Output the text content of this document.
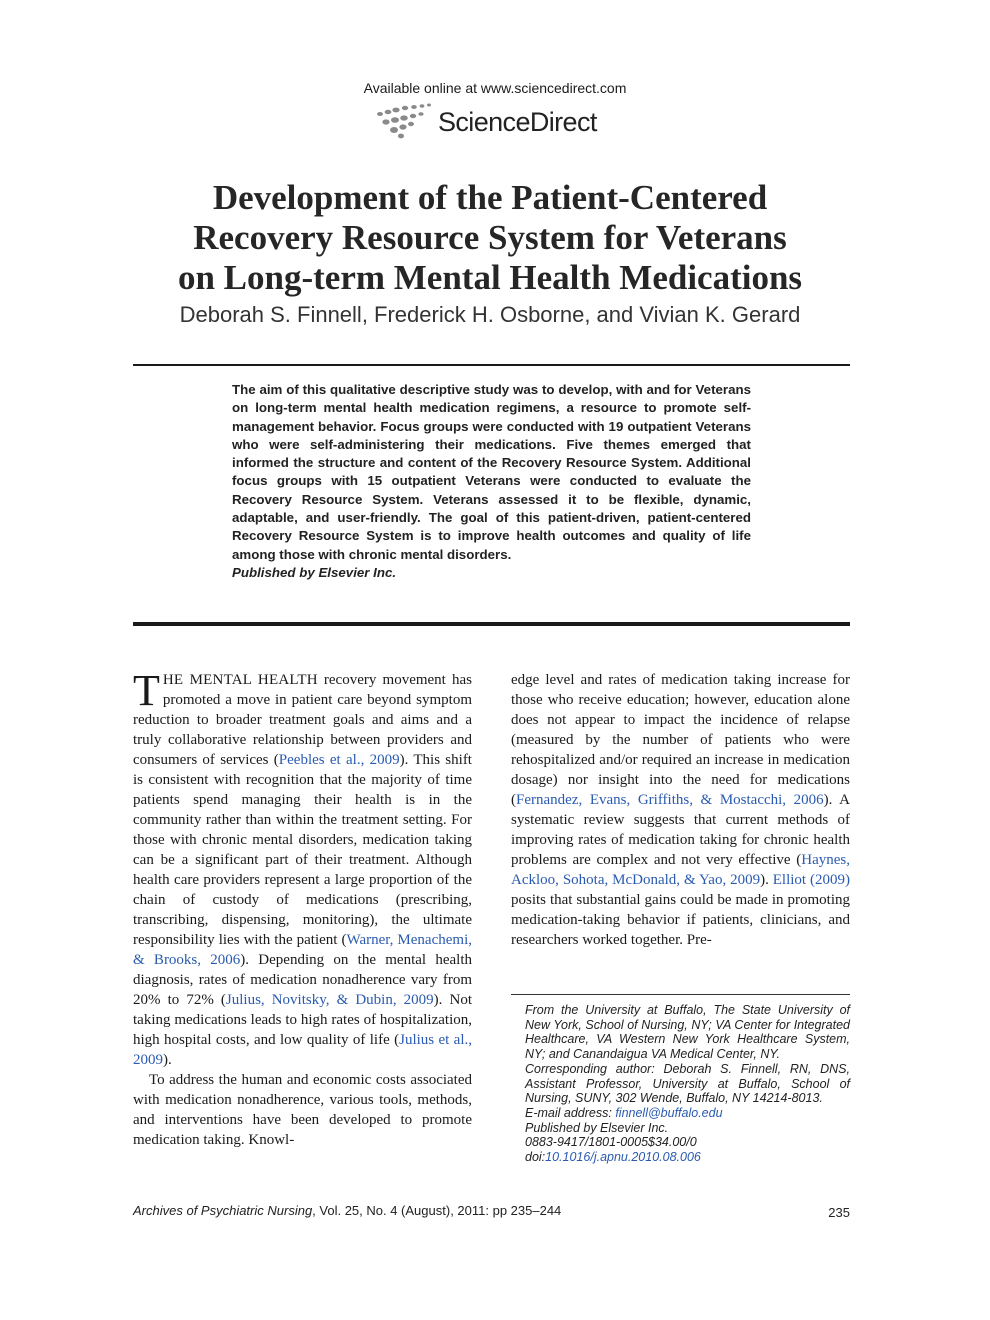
Available online at www.sciencedirect.com
ScienceDirect
Development of the Patient-Centered
Recovery Resource System for Veterans
on Long-term Mental Health Medications
Deborah S. Finnell, Frederick H. Osborne, and Vivian K. Gerard

The aim of this qualitative descriptive study was to develop, with and for Veterans on long-term mental health medication regimens, a resource to promote self-management behavior. Focus groups were conducted with 19 outpatient Veterans who were self-administering their medications. Five themes emerged that informed the structure and content of the Recovery Resource System. Additional focus groups with 15 outpatient Veterans were conducted to evaluate the Recovery Resource System. Veterans assessed it to be flexible, dynamic, adaptable, and user-friendly. The goal of this patient-driven, patient-centered Recovery Resource System is to improve health outcomes and quality of life among those with chronic mental disorders.

Published by Elsevier Inc.

THE MENTAL HEALTH recovery movement has promoted a move in patient care beyond symptom reduction to broader treatment goals and aims and a truly collaborative relationship between providers and consumers of services (Peebles et al., 2009). This shift is consistent with recognition that the majority of time patients spend managing their health is in the community rather than within the treatment setting. For those with chronic mental disorders, medication taking can be a significant part of their treatment. Although health care providers represent a large proportion of the chain of custody of medications (prescribing, transcribing, dispensing, monitoring), the ultimate responsibility lies with the patient (Warner, Menachemi, & Brooks, 2006). Depending on the mental health diagnosis, rates of medication nonadherence vary from 20% to 72% (Julius, Novitsky, & Dubin, 2009). Not taking medications leads to high rates of hospitalization, high hospital costs, and low quality of life (Julius et al., 2009).

To address the human and economic costs associated with medication nonadherence, various tools, methods, and interventions have been developed to promote medication taking. Knowl-

edge level and rates of medication taking increase for those who receive education; however, education alone does not appear to impact the incidence of relapse (measured by the number of patients who were rehospitalized and/or required an increase in medication dosage) nor insight into the need for medications (Fernandez, Evans, Griffiths, & Mostacchi, 2006). A systematic review suggests that current methods of improving rates of medication taking for chronic health problems are complex and not very effective (Haynes, Ackloo, Sohota, McDonald, & Yao, 2009). Elliot (2009) posits that substantial gains could be made in promoting medication-taking behavior if patients, clinicians, and researchers worked together. Pre-

From the University at Buffalo, The State University of New York, School of Nursing, NY; VA Center for Integrated Healthcare, VA Western New York Healthcare System, NY; and Canandaigua VA Medical Center, NY.

Corresponding author: Deborah S. Finnell, RN, DNS, Assistant Professor, University at Buffalo, School of Nursing, SUNY, 302 Wende, Buffalo, NY 14214-8013.

E-mail address: finnell@buffalo.edu

Published by Elsevier Inc.

0883-9417/1801-0005$34.00/0

doi:10.1016/j.apnu.2010.08.006

Archives of Psychiatric Nursing, Vol. 25, No. 4 (August), 2011: pp 235–244	235
